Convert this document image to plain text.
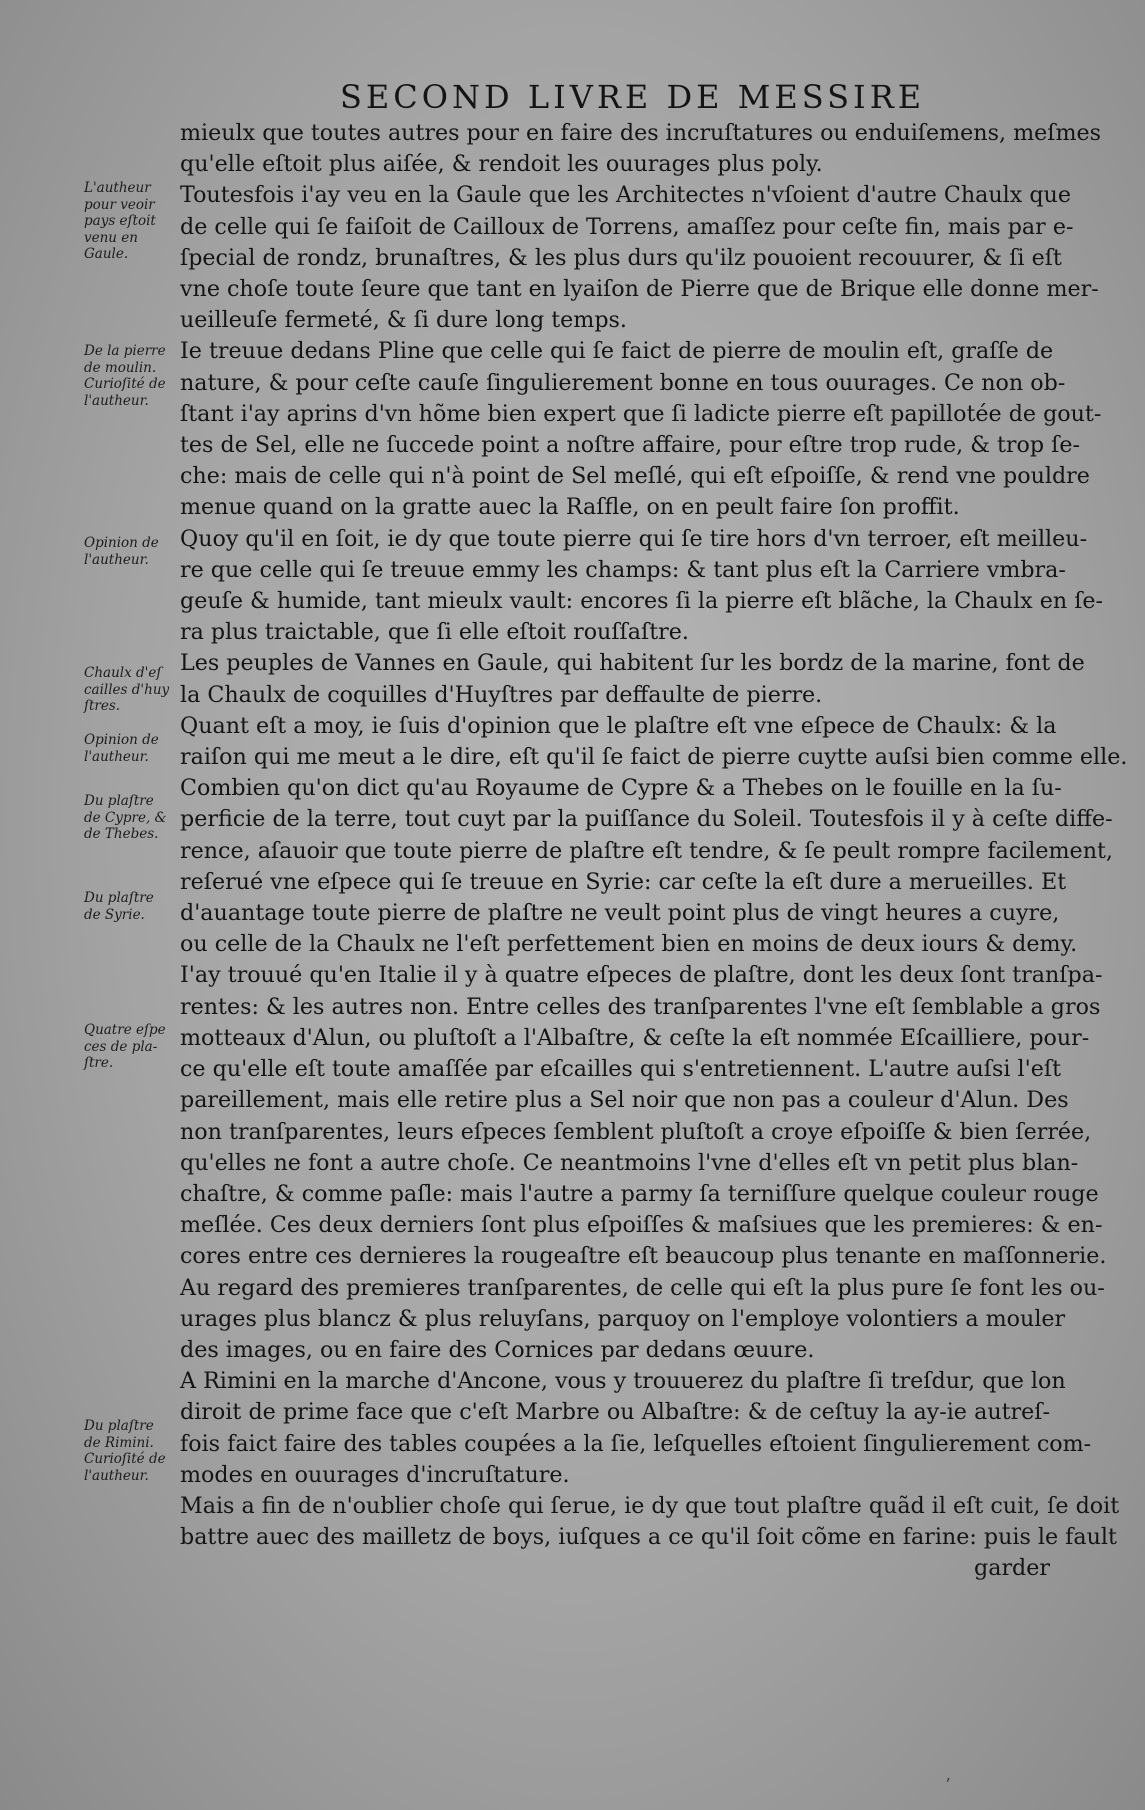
SECOND LIVRE DE MESSIRE

mieulx que toutes autres pour en faire des incruſtatures ou enduiſemens, meſmes
qu'elle eſtoit plus aiſée, & rendoit les ouurages plus poly.

Toutesfois i'ay veu en la Gaule que les Architectes n'vſoient d'autre Chaulx que
de celle qui ſe faiſoit de Cailloux de Torrens, amaſſez pour ceſte fin, mais par e-
ſpecial de rondz, brunaſtres, & les plus durs qu'ilz pouoient recouurer, & ſi eſt
vne choſe toute ſeure que tant en lyaiſon de Pierre que de Brique elle donne mer-
ueilleuſe fermeté, & ſi dure long temps.

Ie treuue dedans Pline que celle qui ſe faict de pierre de moulin eſt, graſſe de
nature, & pour ceſte cauſe ſingulierement bonne en tous ouurages. Ce non ob-
ſtant i'ay aprins d'vn hõme bien expert que ſi ladicte pierre eſt papillotée de gout-
tes de Sel, elle ne ſuccede point a noſtre affaire, pour eſtre trop rude, & trop ſe-
che: mais de celle qui n'à point de Sel meſlé, qui eſt eſpoiſſe, & rend vne pouldre
menue quand on la gratte auec la Raſfle, on en peult faire ſon proffit.

Quoy qu'il en ſoit, ie dy que toute pierre qui ſe tire hors d'vn terroer, eſt meilleu-
re que celle qui ſe treuue emmy les champs: & tant plus eſt la Carriere vmbra-
geuſe & humide, tant mieulx vault: encores ſi la pierre eſt blãche, la Chaulx en ſe-
ra plus traictable, que ſi elle eſtoit rouſſaſtre.

Les peuples de Vannes en Gaule, qui habitent ſur les bordz de la marine, font de
la Chaulx de coquilles d'Huyſtres par deffaulte de pierre.

Quant eſt a moy, ie ſuis d'opinion que le plaſtre eſt vne eſpece de Chaulx: & la
raiſon qui me meut a le dire, eſt qu'il ſe faict de pierre cuytte auſsi bien comme elle.

Combien qu'on dict qu'au Royaume de Cypre & a Thebes on le fouille en la ſu-
perficie de la terre, tout cuyt par la puiſſance du Soleil. Toutesfois il y à ceſte diffe-
rence, aſauoir que toute pierre de plaſtre eſt tendre, & ſe peult rompre facilement,
reſerué vne eſpece qui ſe treuue en Syrie: car ceſte la eſt dure a merueilles. Et
d'auantage toute pierre de plaſtre ne veult point plus de vingt heures a cuyre,
ou celle de la Chaulx ne l'eſt perfettement bien en moins de deux iours & demy.

I'ay trouué qu'en Italie il y à quatre eſpeces de plaſtre, dont les deux ſont tranſpa-
rentes: & les autres non. Entre celles des tranſparentes l'vne eſt ſemblable a gros
motteaux d'Alun, ou pluſtoſt a l'Albaſtre, & ceſte la eſt nommée Eſcailliere, pour-
ce qu'elle eſt toute amaſſée par eſcailles qui s'entretiennent. L'autre auſsi l'eſt
pareillement, mais elle retire plus a Sel noir que non pas a couleur d'Alun. Des
non tranſparentes, leurs eſpeces ſemblent pluſtoſt a croye eſpoiſſe & bien ſerrée,
qu'elles ne font a autre choſe. Ce neantmoins l'vne d'elles eſt vn petit plus blan-
chaſtre, & comme paſle: mais l'autre a parmy ſa terniſſure quelque couleur rouge
meſlée. Ces deux derniers ſont plus eſpoiſſes & maſsiues que les premieres: & en-
cores entre ces dernieres la rougeaſtre eſt beaucoup plus tenante en maſſonnerie.
Au regard des premieres tranſparentes, de celle qui eſt la plus pure ſe font les ou-
urages plus blancz & plus reluyſans, parquoy on l'employe volontiers a mouler
des images, ou en faire des Cornices par dedans œuure.

A Rimini en la marche d'Ancone, vous y trouuerez du plaſtre ſi treſdur, que lon
diroit de prime face que c'eſt Marbre ou Albaſtre: & de ceſtuy la ay-ie autreſ-
fois faict faire des tables coupées a la ſie, leſquelles eſtoient ſingulierement com-
modes en ouurages d'incruſtature.

Mais a fin de n'oublier choſe qui ſerue, ie dy que tout plaſtre quãd il eſt cuit, ſe doit
battre auec des mailletz de boys, iuſques a ce qu'il ſoit cõme en farine: puis le fault

garder
L'autheur
pour veoir
pays eſtoit
venu en
Gaule.
De la pierre
de moulin.
Curioſité de
l'autheur.
Opinion de
l'autheur.
Chaulx d'eſ
cailles d'huy
ſtres.
Opinion de
l'autheur.
Du plaſtre
de Cypre, &
de Thebes.
Du plaſtre
de Syrie.
Quatre eſpe
ces de pla-
ſtre.
Du plaſtre
de Rimini.
Curioſité de
l'autheur.
ʼ
